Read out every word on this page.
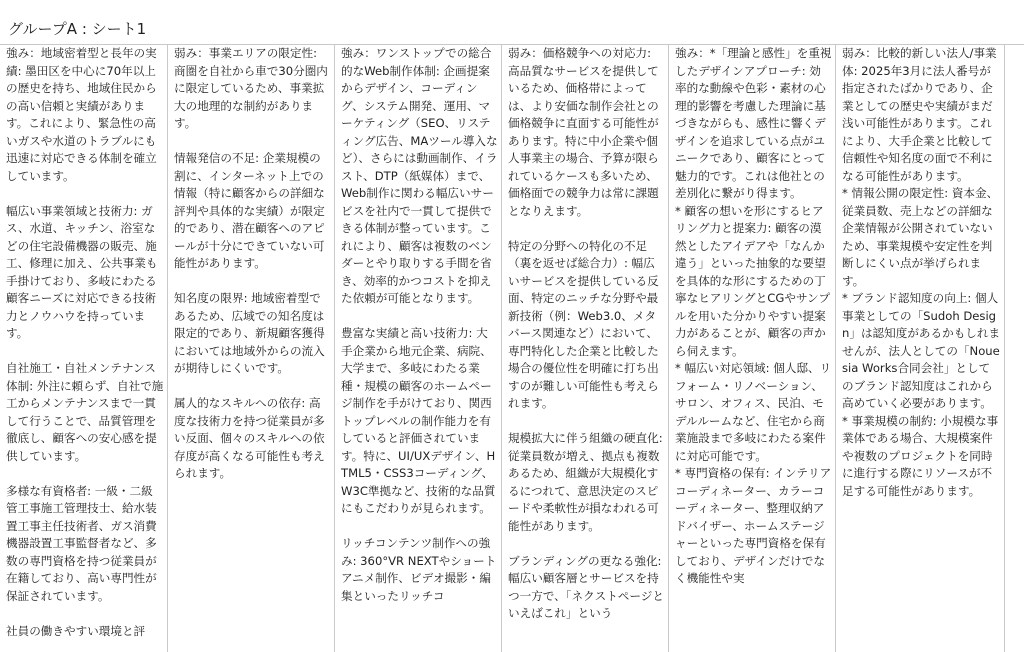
グループA : シート1

強み：地域密着型と長年の実績: 墨田区を中心に70年以上の歴史を持ち、地域住民からの高い信頼と実績があります。これにより、緊急性の高いガスや水道のトラブルにも迅速に対応できる体制を確立しています。

幅広い事業領域と技術力: ガス、水道、キッチン、浴室などの住宅設備機器の販売、施工、修理に加え、公共事業も手掛けており、多岐にわたる顧客ニーズに対応できる技術力とノウハウを持っています。

自社施工・自社メンテナンス体制: 外注に頼らず、自社で施工からメンテナンスまで一貫して行うことで、品質管理を徹底し、顧客への安心感を提供しています。

多様な有資格者: 一級・二級管工事施工管理技士、給水装置工事主任技術者、ガス消費機器設置工事監督者など、多数の専門資格を持つ従業員が在籍しており、高い専門性が保証されています。

社員の働きやすい環境と評

弱み：事業エリアの限定性: 商圏を自社から車で30分圏内に限定しているため、事業拡大の地理的な制約があります。

情報発信の不足: 企業規模の割に、インターネット上での情報（特に顧客からの詳細な評判や具体的な実績）が限定的であり、潜在顧客へのアピールが十分にできていない可能性があります。

知名度の限界: 地域密着型であるため、広域での知名度は限定的であり、新規顧客獲得においては地域外からの流入が期待しにくいです。

属人的なスキルへの依存: 高度な技術力を持つ従業員が多い反面、個々のスキルへの依存度が高くなる可能性も考えられます。

強み：ワンストップでの総合的なWeb制作体制: 企画提案からデザイン、コーディング、システム開発、運用、マーケティング（SEO、リスティング広告、MAツール導入など）、さらには動画制作、イラスト、DTP（紙媒体）まで、Web制作に関わる幅広いサービスを社内で一貫して提供できる体制が整っています。これにより、顧客は複数のベンダーとやり取りする手間を省き、効率的かつコストを抑えた依頼が可能となります。

豊富な実績と高い技術力: 大手企業から地元企業、病院、大学まで、多岐にわたる業種・規模の顧客のホームページ制作を手がけており、関西トップレベルの制作能力を有していると評価されています。特に、UI/UXデザイン、HTML5・CSS3コーディング、W3C準拠など、技術的な品質にもこだわりが見られます。

リッチコンテンツ制作への強み: 360°VR NEXTやショートアニメ制作、ビデオ撮影・編集といったリッチコ

弱み：価格競争への対応力: 高品質なサービスを提供しているため、価格帯によっては、より安価な制作会社との価格競争に直面する可能性があります。特に中小企業や個人事業主の場合、予算が限られているケースも多いため、価格面での競争力は常に課題となりえます。

特定の分野への特化の不足（裏を返せば総合力）: 幅広いサービスを提供している反面、特定のニッチな分野や最新技術（例：Web3.0、メタバース関連など）において、専門特化した企業と比較した場合の優位性を明確に打ち出すのが難しい可能性も考えられます。

規模拡大に伴う組織の硬直化: 従業員数が増え、拠点も複数あるため、組織が大規模化するにつれて、意思決定のスピードや柔軟性が損なわれる可能性があります。

ブランディングの更なる強化: 幅広い顧客層とサービスを持つ一方で、「ネクストページといえばこれ」という

強み：*「理論と感性」を重視したデザインアプローチ: 効率的な動線や色彩・素材の心理的影響を考慮した理論に基づきながらも、感性に響くデザインを追求している点がユニークであり、顧客にとって魅力的です。これは他社との差別化に繋がり得ます。

* 顧客の想いを形にするヒアリング力と提案力: 顧客の漠然としたアイデアや「なんか違う」といった抽象的な要望を具体的な形にするための丁寧なヒアリングとCGやサンプルを用いた分かりやすい提案力があることが、顧客の声から伺えます。

* 幅広い対応領域: 個人邸、リフォーム・リノベーション、サロン、オフィス、民泊、モデルルームなど、住宅から商業施設まで多岐にわたる案件に対応可能です。

* 専門資格の保有: インテリアコーディネーター、カラーコーディネーター、整理収納アドバイザー、ホームステージャーといった専門資格を保有しており、デザインだけでなく機能性や実

弱み：比較的新しい法人/事業体: 2025年3月に法人番号が指定されたばかりであり、企業としての歴史や実績がまだ浅い可能性があります。これにより、大手企業と比較して信頼性や知名度の面で不利になる可能性があります。

* 情報公開の限定性: 資本金、従業員数、売上などの詳細な企業情報が公開されていないため、事業規模や安定性を判断しにくい点が挙げられます。

* ブランド認知度の向上: 個人事業としての「Sudoh Design」は認知度があるかもしれませんが、法人としての「Nouesia Works合同会社」としてのブランド認知度はこれから高めていく必要があります。

* 事業規模の制約: 小規模な事業体である場合、大規模案件や複数のプロジェクトを同時に進行する際にリソースが不足する可能性があります。
